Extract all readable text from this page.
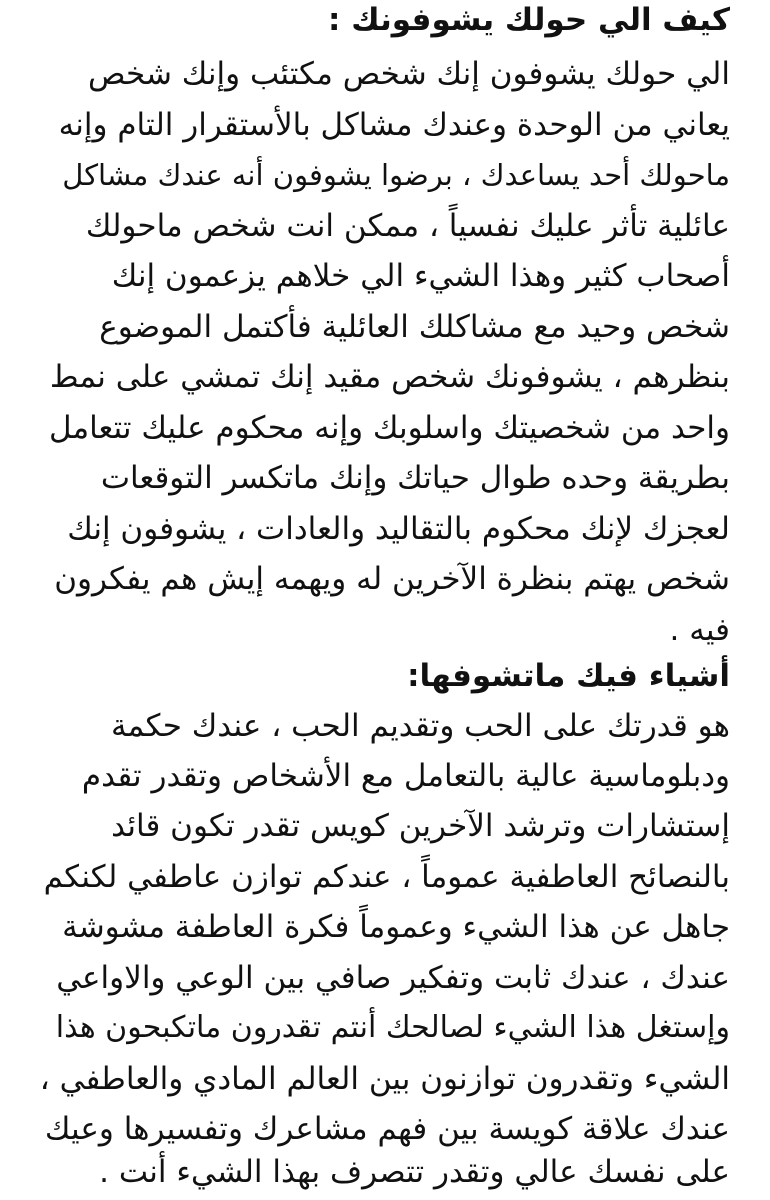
كيف الي حولك يشوفونك :
الي حولك يشوفون إنك شخص مكتئب وإنك شخص
يعاني من الوحدة وعندك مشاكل بالأستقرار التام وإنه
ماحولك أحد يساعدك ، برضوا يشوفون أنه عندك مشاكل
عائلية تأثر عليك نفسياً ، ممكن انت شخص ماحولك
أصحاب كثير وهذا الشيء الي خلاهم يزعمون إنك
شخص وحيد مع مشاكلك العائلية فأكتمل الموضوع
بنظرهم ، يشوفونك شخص مقيد إنك تمشي على نمط
واحد من شخصيتك واسلوبك وإنه محكوم عليك تتعامل
بطريقة وحده طوال حياتك وإنك ماتكسر التوقعات
لعجزك لإنك محكوم بالتقاليد والعادات ، يشوفون إنك
شخص يهتم بنظرة الآخرين له ويهمه إيش هم يفكرون
فيه .
أشياء فيك ماتشوفها:
هو قدرتك على الحب وتقديم الحب ، عندك حكمة
ودبلوماسية عالية بالتعامل مع الأشخاص وتقدر تقدم
إستشارات وترشد الآخرين كويس تقدر تكون قائد
بالنصائح العاطفية عموماً ، عندكم توازن عاطفي لكنكم
جاهل عن هذا الشيء وعموماً فكرة العاطفة مشوشة
عندك ، عندك ثابت وتفكير صافي بين الوعي والاواعي
وإستغل هذا الشيء لصالحك أنتم تقدرون ماتكبحون هذا
الشيء وتقدرون توازنون بين العالم المادي والعاطفي ،
عندك علاقة كويسة بين فهم مشاعرك وتفسيرها وعيك
على نفسك عالي وتقدر تتصرف بهذا الشيء أنت .
